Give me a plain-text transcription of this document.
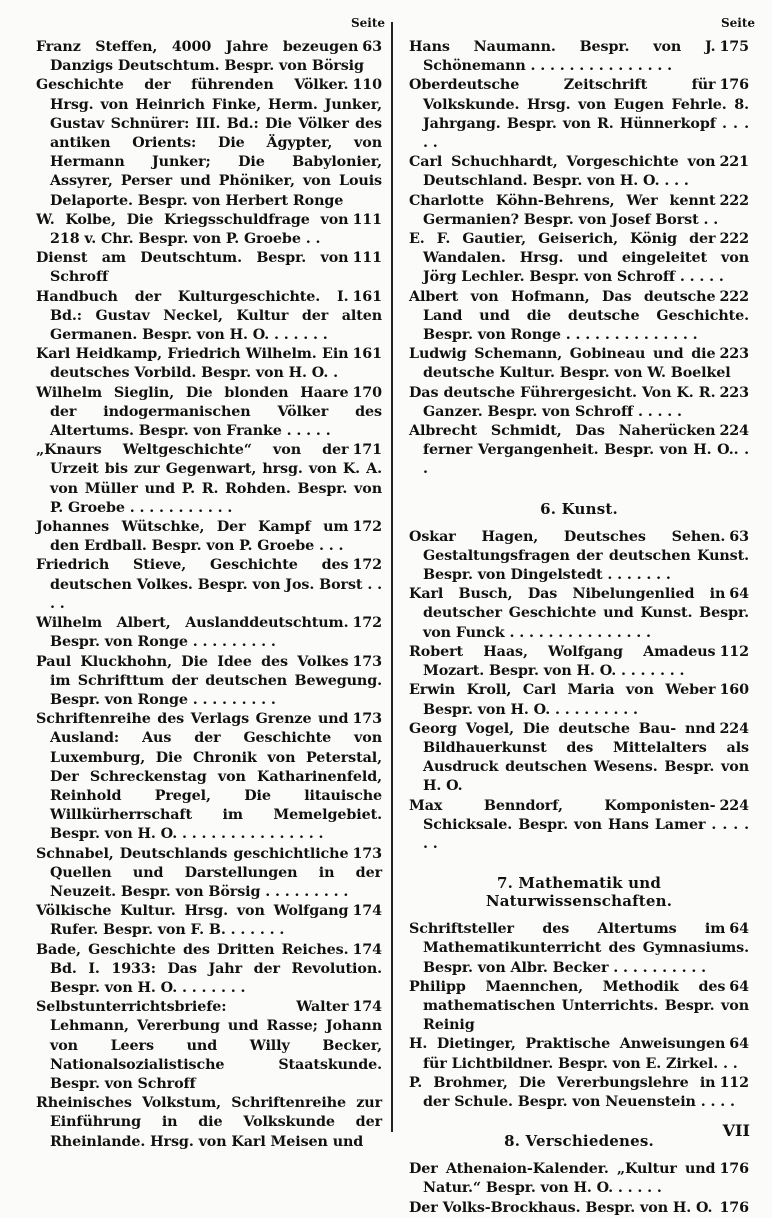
Seite
63
Franz Steffen, 4000 Jahre bezeugen Danzigs Deutschtum. Bespr. von Börsig
110
Geschichte der führenden Völker. Hrsg. von Heinrich Finke, Herm. Junker, Gustav Schnürer: III. Bd.: Die Völker des antiken Orients: Die Ägypter, von Hermann Junker; Die Babylonier, Assyrer, Perser und Phöniker, von Louis Delaporte. Bespr. von Herbert Ronge
111
W. Kolbe, Die Kriegsschuldfrage von 218 v. Chr. Bespr. von P. Groebe . .
111
Dienst am Deutschtum. Bespr. von Schroff
161
Handbuch der Kulturgeschichte. I. Bd.: Gustav Neckel, Kultur der alten Germanen. Bespr. von H. O. . . . . . .
161
Karl Heidkamp, Friedrich Wilhelm. Ein deutsches Vorbild. Bespr. von H. O. .
170
Wilhelm Sieglin, Die blonden Haare der indogermanischen Völker des Altertums. Bespr. von Franke . . . . .
171
„Knaurs Weltgeschichte“ von der Urzeit bis zur Gegenwart, hrsg. von K. A. von Müller und P. R. Rohden. Bespr. von P. Groebe . . . . . . . . . . .
172
Johannes Wütschke, Der Kampf um den Erdball. Bespr. von P. Groebe . . .
172
Friedrich Stieve, Geschichte des deutschen Volkes. Bespr. von Jos. Borst . . . .
172
Wilhelm Albert, Auslanddeutschtum. Bespr. von Ronge . . . . . . . . .
173
Paul Kluckhohn, Die Idee des Volkes im Schrifttum der deutschen Bewegung. Bespr. von Ronge . . . . . . . . .
173
Schriftenreihe des Verlags Grenze und Ausland: Aus der Geschichte von Luxemburg, Die Chronik von Peterstal, Der Schreckenstag von Katharinenfeld, Reinhold Pregel, Die litauische Willkürherrschaft im Memelgebiet. Bespr. von H. O. . . . . . . . . . . . . . . .
173
Schnabel, Deutschlands geschichtliche Quellen und Darstellungen in der Neuzeit. Bespr. von Börsig . . . . . . . . .
174
Völkische Kultur. Hrsg. von Wolfgang Rufer. Bespr. von F. B. . . . . . .
174
Bade, Geschichte des Dritten Reiches. Bd. I. 1933: Das Jahr der Revolution. Bespr. von H. O. . . . . . . .
174
Selbstunterrichtsbriefe: Walter Lehmann, Vererbung und Rasse; Johann von Leers und Willy Becker, Nationalsozialistische Staatskunde. Bespr. von Schroff
Rheinisches Volkstum, Schriftenreihe zur Einführung in die Volkskunde der Rheinlande. Hrsg. von Karl Meisen und
Seite
175
Hans Naumann. Bespr. von J. Schönemann . . . . . . . . . . . . . . .
176
Oberdeutsche Zeitschrift für Volkskunde. Hrsg. von Eugen Fehrle. 8. Jahrgang. Bespr. von R. Hünnerkopf . . . . .
221
Carl Schuchhardt, Vorgeschichte von Deutschland. Bespr. von H. O. . . .
222
Charlotte Köhn-Behrens, Wer kennt Germanien? Bespr. von Josef Borst . .
222
E. F. Gautier, Geiserich, König der Wandalen. Hrsg. und eingeleitet von Jörg Lechler. Bespr. von Schroff . . . . .
222
Albert von Hofmann, Das deutsche Land und die deutsche Geschichte. Bespr. von Ronge . . . . . . . . . . . . . .
223
Ludwig Schemann, Gobineau und die deutsche Kultur. Bespr. von W. Boelkel
223
Das deutsche Führergesicht. Von K. R. Ganzer. Bespr. von Schroff . . . . .
224
Albrecht Schmidt, Das Naherücken ferner Vergangenheit. Bespr. von H. O.. . .
6. Kunst.
63
Oskar Hagen, Deutsches Sehen. Gestaltungsfragen der deutschen Kunst. Bespr. von Dingelstedt . . . . . . .
64
Karl Busch, Das Nibelungenlied in deutscher Geschichte und Kunst. Bespr. von Funck . . . . . . . . . . . . . . .
112
Robert Haas, Wolfgang Amadeus Mozart. Bespr. von H. O. . . . . . . .
160
Erwin Kroll, Carl Maria von Weber Bespr. von H. O. . . . . . . . . .
224
Georg Vogel, Die deutsche Bau- nnd Bildhauerkunst des Mittelalters als Ausdruck deutschen Wesens. Bespr. von H. O.
224
Max Benndorf, Komponisten-Schicksale. Bespr. von Hans Lamer . . . . . .
7. Mathematik und Naturwissenschaften.
64
Schriftsteller des Altertums im Mathematikunterricht des Gymnasiums. Bespr. von Albr. Becker . . . . . . . . . .
64
Philipp Maennchen, Methodik des mathematischen Unterrichts. Bespr. von Reinig
64
H. Dietinger, Praktische Anweisungen für Lichtbildner. Bespr. von E. Zirkel. . .
112
P. Brohmer, Die Vererbungslehre in der Schule. Bespr. von Neuenstein . . . .
8. Verschiedenes.
176
Der Athenaion-Kalender. „Kultur und Natur.“ Bespr. von H. O. . . . . .
176
Der Volks-Brockhaus. Bespr. von H. O.
VII
